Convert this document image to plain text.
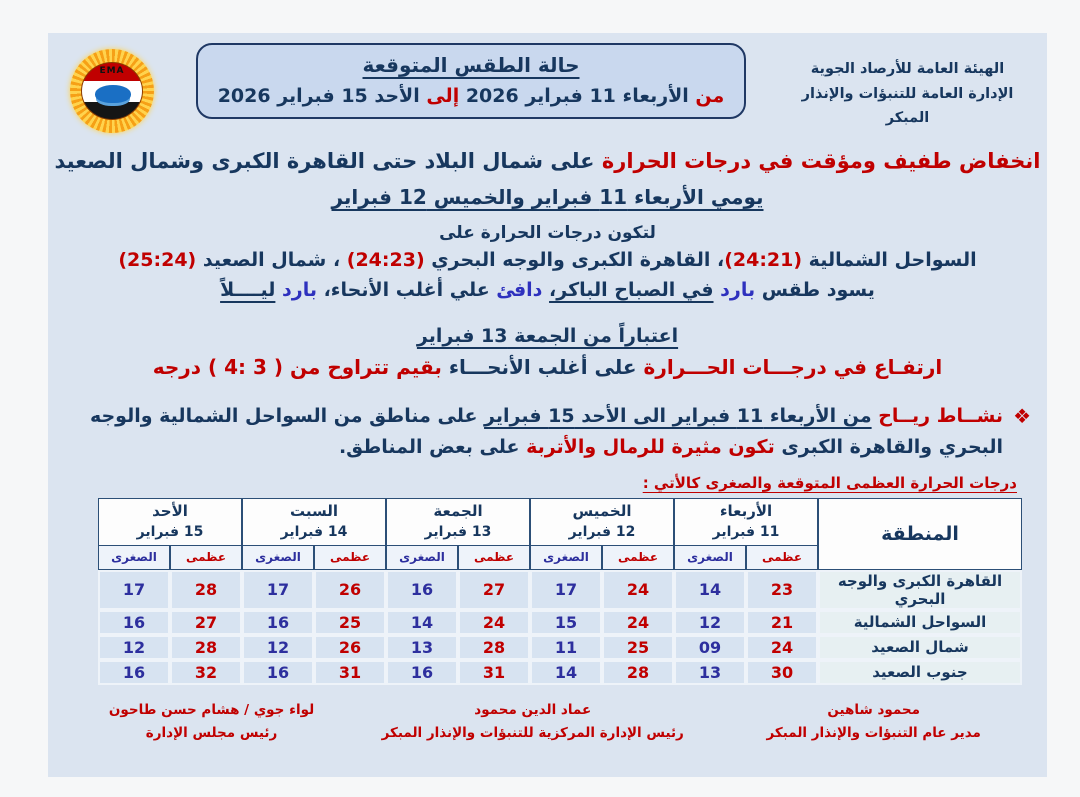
الهيئة العامة للأرصاد الجوية
الإدارة العامة للتنبؤات والإنذار المبكر
حالة الطقس المتوقعة
من الأربعاء 11 فبراير 2026 إلى الأحد 15 فبراير 2026
EMA
انخفاض طفيف ومؤقت في درجات الحرارة على شمال البلاد حتى القاهرة الكبرى وشمال الصعيد
يومي الأربعاء 11 فبراير والخميس 12 فبراير
لتكون درجات الحرارة على
السواحل الشمالية (24:21)، القاهرة الكبرى والوجه البحري (24:23) ، شمال الصعيد (25:24)
يسود طقس بارد في الصباح الباكر، دافئ علي أغلب الأنحاء، بارد ليــــلاً
اعتباراً من الجمعة 13 فبراير
ارتفـاع في درجـــات الحـــرارة على أغلب الأنحـــاء بقيم تتراوح من ( 4: 3 ) درجه
❖
نشــاط ريــاح من الأربعاء 11 فبراير الى الأحد 15 فبراير على مناطق من السواحل الشمالية والوجه البحري والقاهرة الكبرى تكون مثيرة للرمال والأتربة على بعض المناطق.
درجات الحرارة العظمى المتوقعة والصغرى كالأتي :
المنطقة	
الأربعاء
11 فبراير

الخميس
12 فبراير

الجمعة
13 فبراير

السبت
14 فبراير

الأحد
15 فبراير

	عظمى	الصغرى	عظمى	الصغرى	عظمى	الصغرى	عظمى	الصغرى	عظمى	الصغرى
القاهرة الكبرى والوجه البحري	23	14	24	17	27	16	26	17	28	17
السواحل الشمالية	21	12	24	15	24	14	25	16	27	16
شمال الصعيد	24	09	25	11	28	13	26	12	28	12
جنوب الصعيد	30	13	28	14	31	16	31	16	32	16
محمود شاهين
مدير عام التنبؤات والإنذار المبكر
عماد الدين محمود
رئيس الإدارة المركزية للتنبؤات والإنذار المبكر
لواء جوي / هشام حسن طاحون
رئيس مجلس الإدارة
